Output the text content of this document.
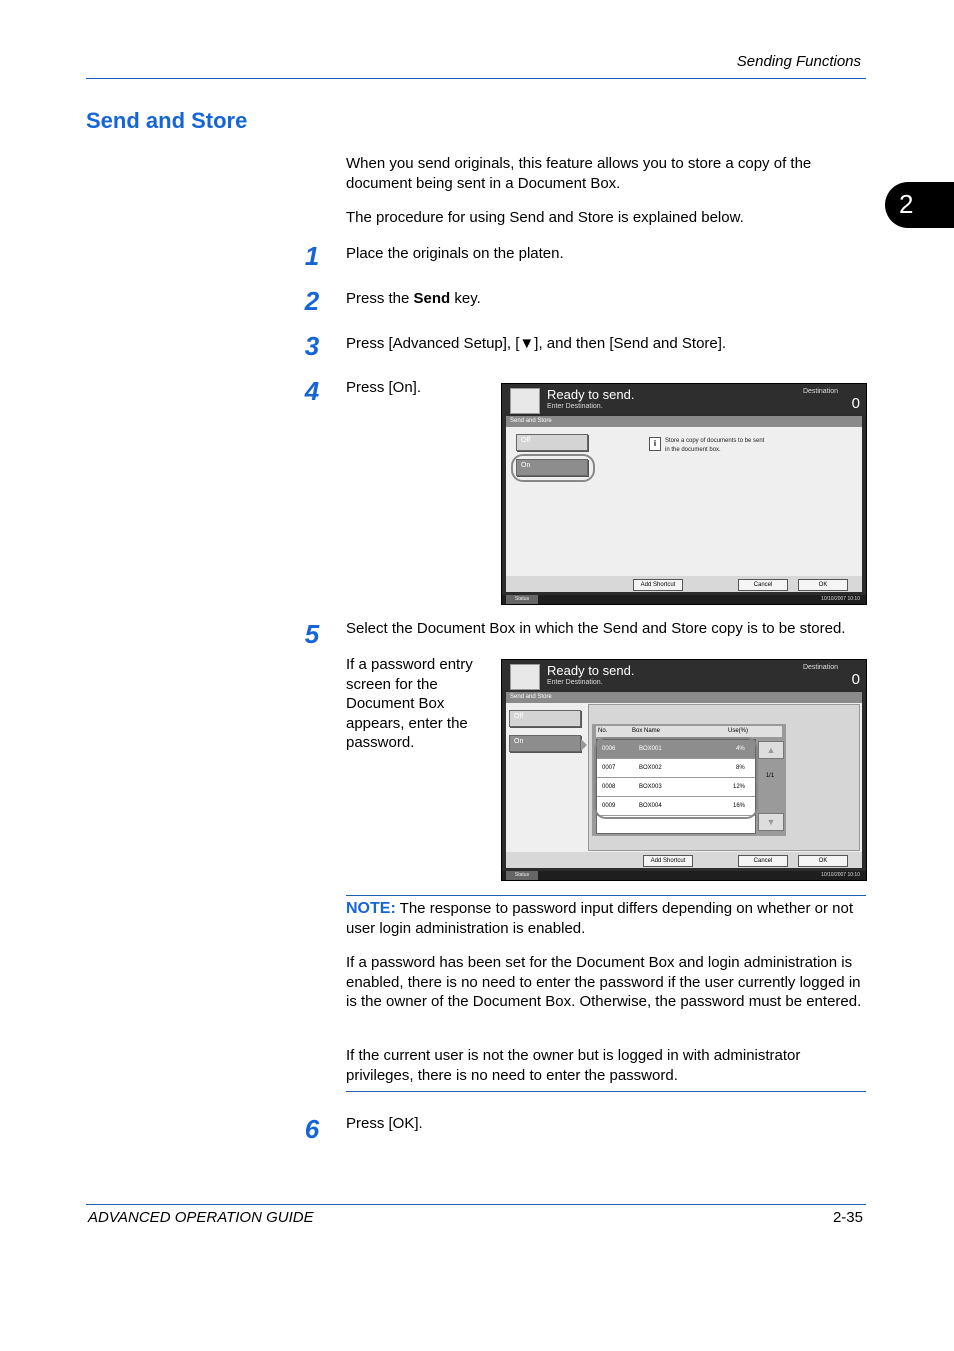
Sending Functions
2
Send and Store
When you send originals, this feature allows you to store a copy of the document being sent in a Document Box.
The procedure for using Send and Store is explained below.
1	Place the originals on the platen.
2	Press the Send key.
3	Press [Advanced Setup], [▼], and then [Send and Store].
4	Press [On].	Ready to send.
Enter Destination.
Destination
0
Send and Store
Off
On
i	Store a copy of documents to be sent
in the document box.
Add Shortcut	Cancel	OK
Status	10/10/2007 10:10
5	Select the Document Box in which the Send and Store copy is to be stored.
If a password entry screen for the Document Box appears, enter the password.
Ready to send.
Enter Destination.
Destination
0
Send and Store
Off
On
No.	Box Name	Use(%)
0006	BOX001	4%
0007	BOX002	8%
0008	BOX003	12%
0009	BOX004	16%
▲
1/1
▼
Add Shortcut	Cancel	OK
Status	10/10/2007 10:10
NOTE: The response to password input differs depending on whether or not user login administration is enabled.
If a password has been set for the Document Box and login administration is enabled, there is no need to enter the password if the user currently logged in is the owner of the Document Box. Otherwise, the password must be entered.
If the current user is not the owner but is logged in with administrator privileges, there is no need to enter the password.
6	Press [OK].
ADVANCED OPERATION GUIDE	2-35
